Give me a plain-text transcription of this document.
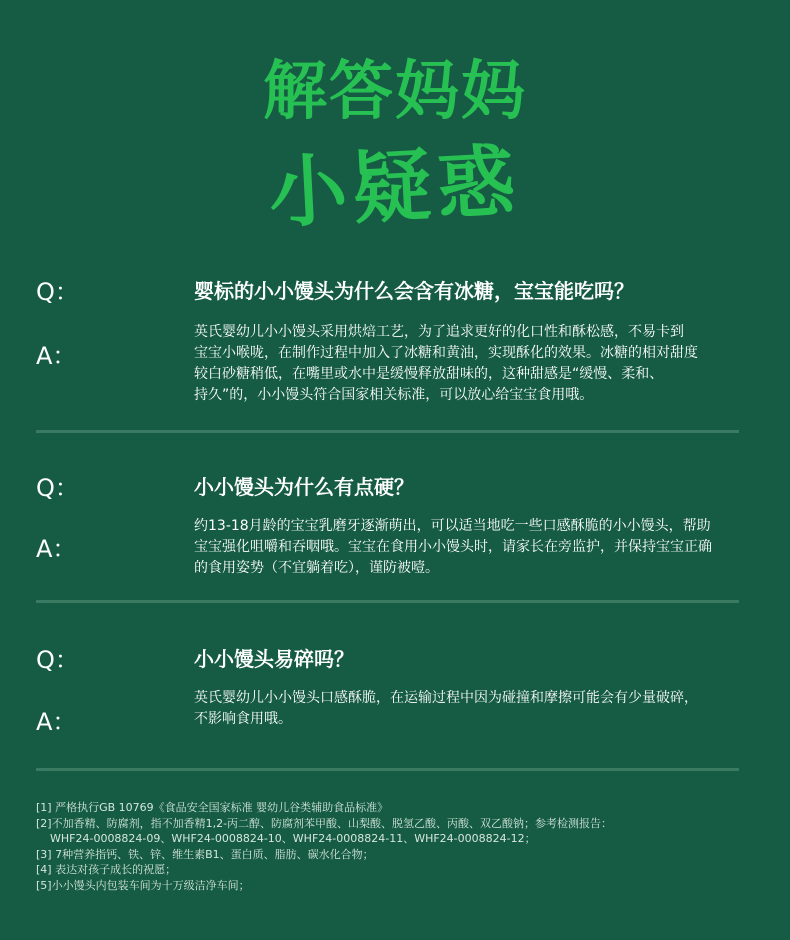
解答妈妈
小疑惑
Q：	婴标的小小馒头为什么会含有冰糖，宝宝能吃吗？
A：
英氏婴幼儿小小馒头采用烘焙工艺，为了追求更好的化口性和酥松感，不易卡到
宝宝小喉咙，在制作过程中加入了冰糖和黄油，实现酥化的效果。冰糖的相对甜度
较白砂糖稍低，在嘴里或水中是缓慢释放甜味的，这种甜感是“缓慢、柔和、
持久”的，小小馒头符合国家相关标准，可以放心给宝宝食用哦。
Q：	小小馒头为什么有点硬？
A：
约13-18月龄的宝宝乳磨牙逐渐萌出，可以适当地吃一些口感酥脆的小小馒头，帮助
宝宝强化咀嚼和吞咽哦。宝宝在食用小小馒头时，请家长在旁监护，并保持宝宝正确
的食用姿势（不宜躺着吃），谨防被噎。
Q：	小小馒头易碎吗？
A：
英氏婴幼儿小小馒头口感酥脆，在运输过程中因为碰撞和摩擦可能会有少量破碎，
不影响食用哦。
[1] 严格执行GB 10769《食品安全国家标准 婴幼儿谷类辅助食品标准》
[2]不加香精、防腐剂，指不加香精1,2-丙二醇、防腐剂苯甲酸、山梨酸、脱氢乙酸、丙酸、双乙酸钠；参考检测报告：
WHF24-0008824-09、WHF24-0008824-10、WHF24-0008824-11、WHF24-0008824-12；
[3] 7种营养指钙、铁、锌、维生素B1、蛋白质、脂肪、碳水化合物；
[4] 表达对孩子成长的祝愿；
[5]小小馒头内包装车间为十万级洁净车间；
